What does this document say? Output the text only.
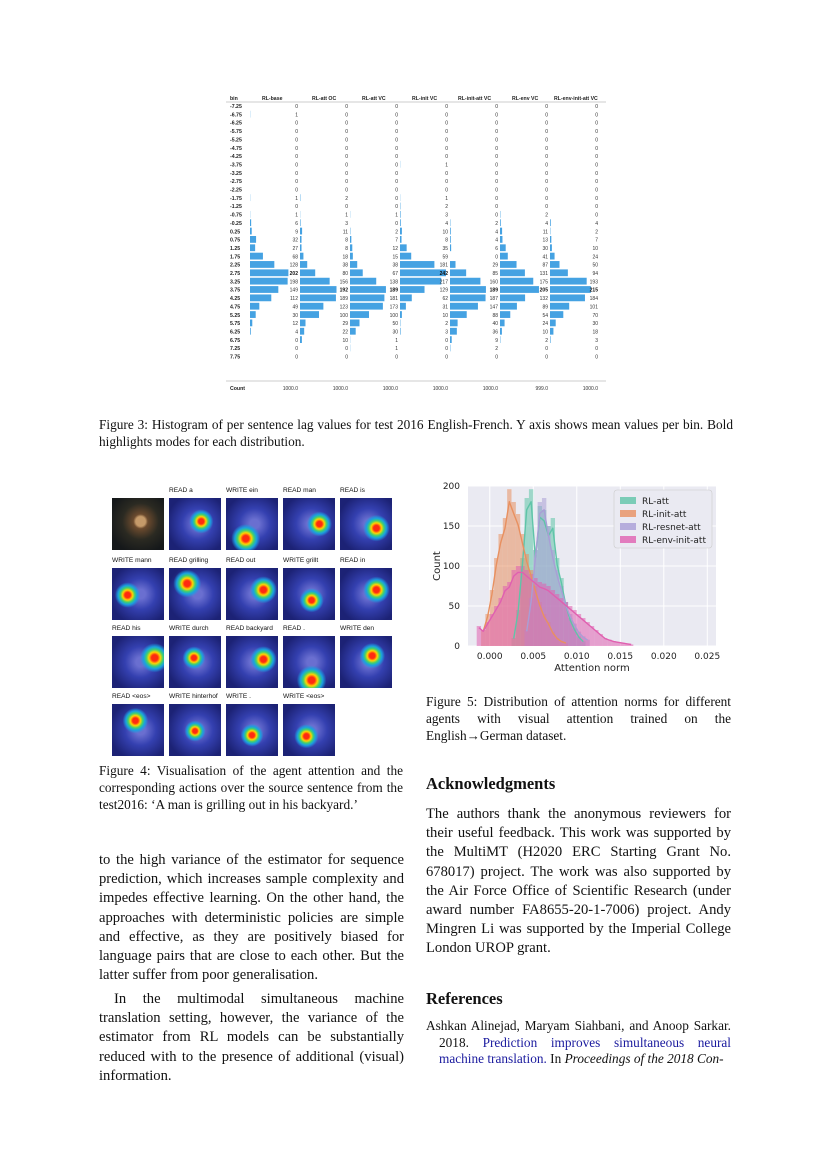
bin	RL-base	RL-att OC	RL-att VC	RL-init VC	RL-init-att VC	RL-env VC	RL-env-init-att VC
-7.25	0	0	0	0	0	0	0
-6.75	1	0	0	0	0	0	0
-6.25	0	0	0	0	0	0	0
-5.75	0	0	0	0	0	0	0
-5.25	0	0	0	0	0	0	0
-4.75	0	0	0	0	0	0	0
-4.25	0	0	0	0	0	0	0
-3.75	0	0	0	1	0	0	0
-3.25	0	0	0	0	0	0	0
-2.75	0	0	0	0	0	0	0
-2.25	0	0	0	0	0	0	0
-1.75	1	2	0	1	0	0	0
-1.25	0	0	0	2	0	0	0
-0.75	1	1	1	3	0	2	0
-0.25	6	3	0	4	2	4	4
0.25	9	11	2	10	4	11	2
0.75	32	8	7	8	4	13	7
1.25	27	8	12	35	6	30	10
1.75	68	18	15	59	0	41	24
2.25	128	38	38	181	29	87	50
2.75	202	80	67	242	85	131	94
3.25	198	156	138	217	160	175	193
3.75	149	192	189	129	189	205	215
4.25	112	189	181	62	187	132	184
4.75	49	123	173	31	147	89	101
5.25	30	100	100	10	88	54	70
5.75	12	29	50	2	40	24	30
6.25	4	22	30	3	36	10	18
6.75	0	10	1	0	9	2	3
7.25	0	0	1	0	2	0	0
7.75	0	0	0	0	0	0	0
Count	1000.0	1000.0	1000.0	1000.0	1000.0	999.0	1000.0
Figure 3: Histogram of per sentence lag values for test 2016 English-French. Y axis shows mean values per bin. Bold highlights modes for each distribution.
READ a	WRITE ein	READ man	READ is
WRITE mann	READ grilling	READ out	WRITE grillt	READ in
READ his	WRITE durch	READ backyard READ .	WRITE den
READ <eos>	WRITE hinterhof WRITE .	WRITE <eos>
Figure 4: Visualisation of the agent attention and the corresponding actions over the source sentence from the test2016: ‘A man is grilling out in his backyard.’
0.000 0.005 0.010 0.015 0.020 0.025
0
50
100
150
200
Attention norm
Count
RL-att
RL-init-att
RL-resnet-att
RL-env-init-att
Figure 5: Distribution of attention norms for different agents with visual attention trained on the English→German dataset.
to the high variance of the estimator for sequence prediction, which increases sample complexity and impedes effective learning. On the other hand, the approaches with deterministic policies are simple and effective, as they are positively biased for language pairs that are close to each other. But the latter suffer from poor generalisation.
In the multimodal simultaneous machine translation setting, however, the variance of the estimator from RL models can be substantially reduced with to the presence of additional (visual) information.
Acknowledgments
The authors thank the anonymous reviewers for their useful feedback. This work was supported by the MultiMT (H2020 ERC Starting Grant No. 678017) project. The work was also supported by the Air Force Office of Scientific Research (under award number FA8655-20-1-7006) project. Andy Mingren Li was supported by the Imperial College London UROP grant.
References
Ashkan Alinejad, Maryam Siahbani, and Anoop Sarkar. 2018. Prediction improves simultaneous neural machine translation. In Proceedings of the 2018 Con-
